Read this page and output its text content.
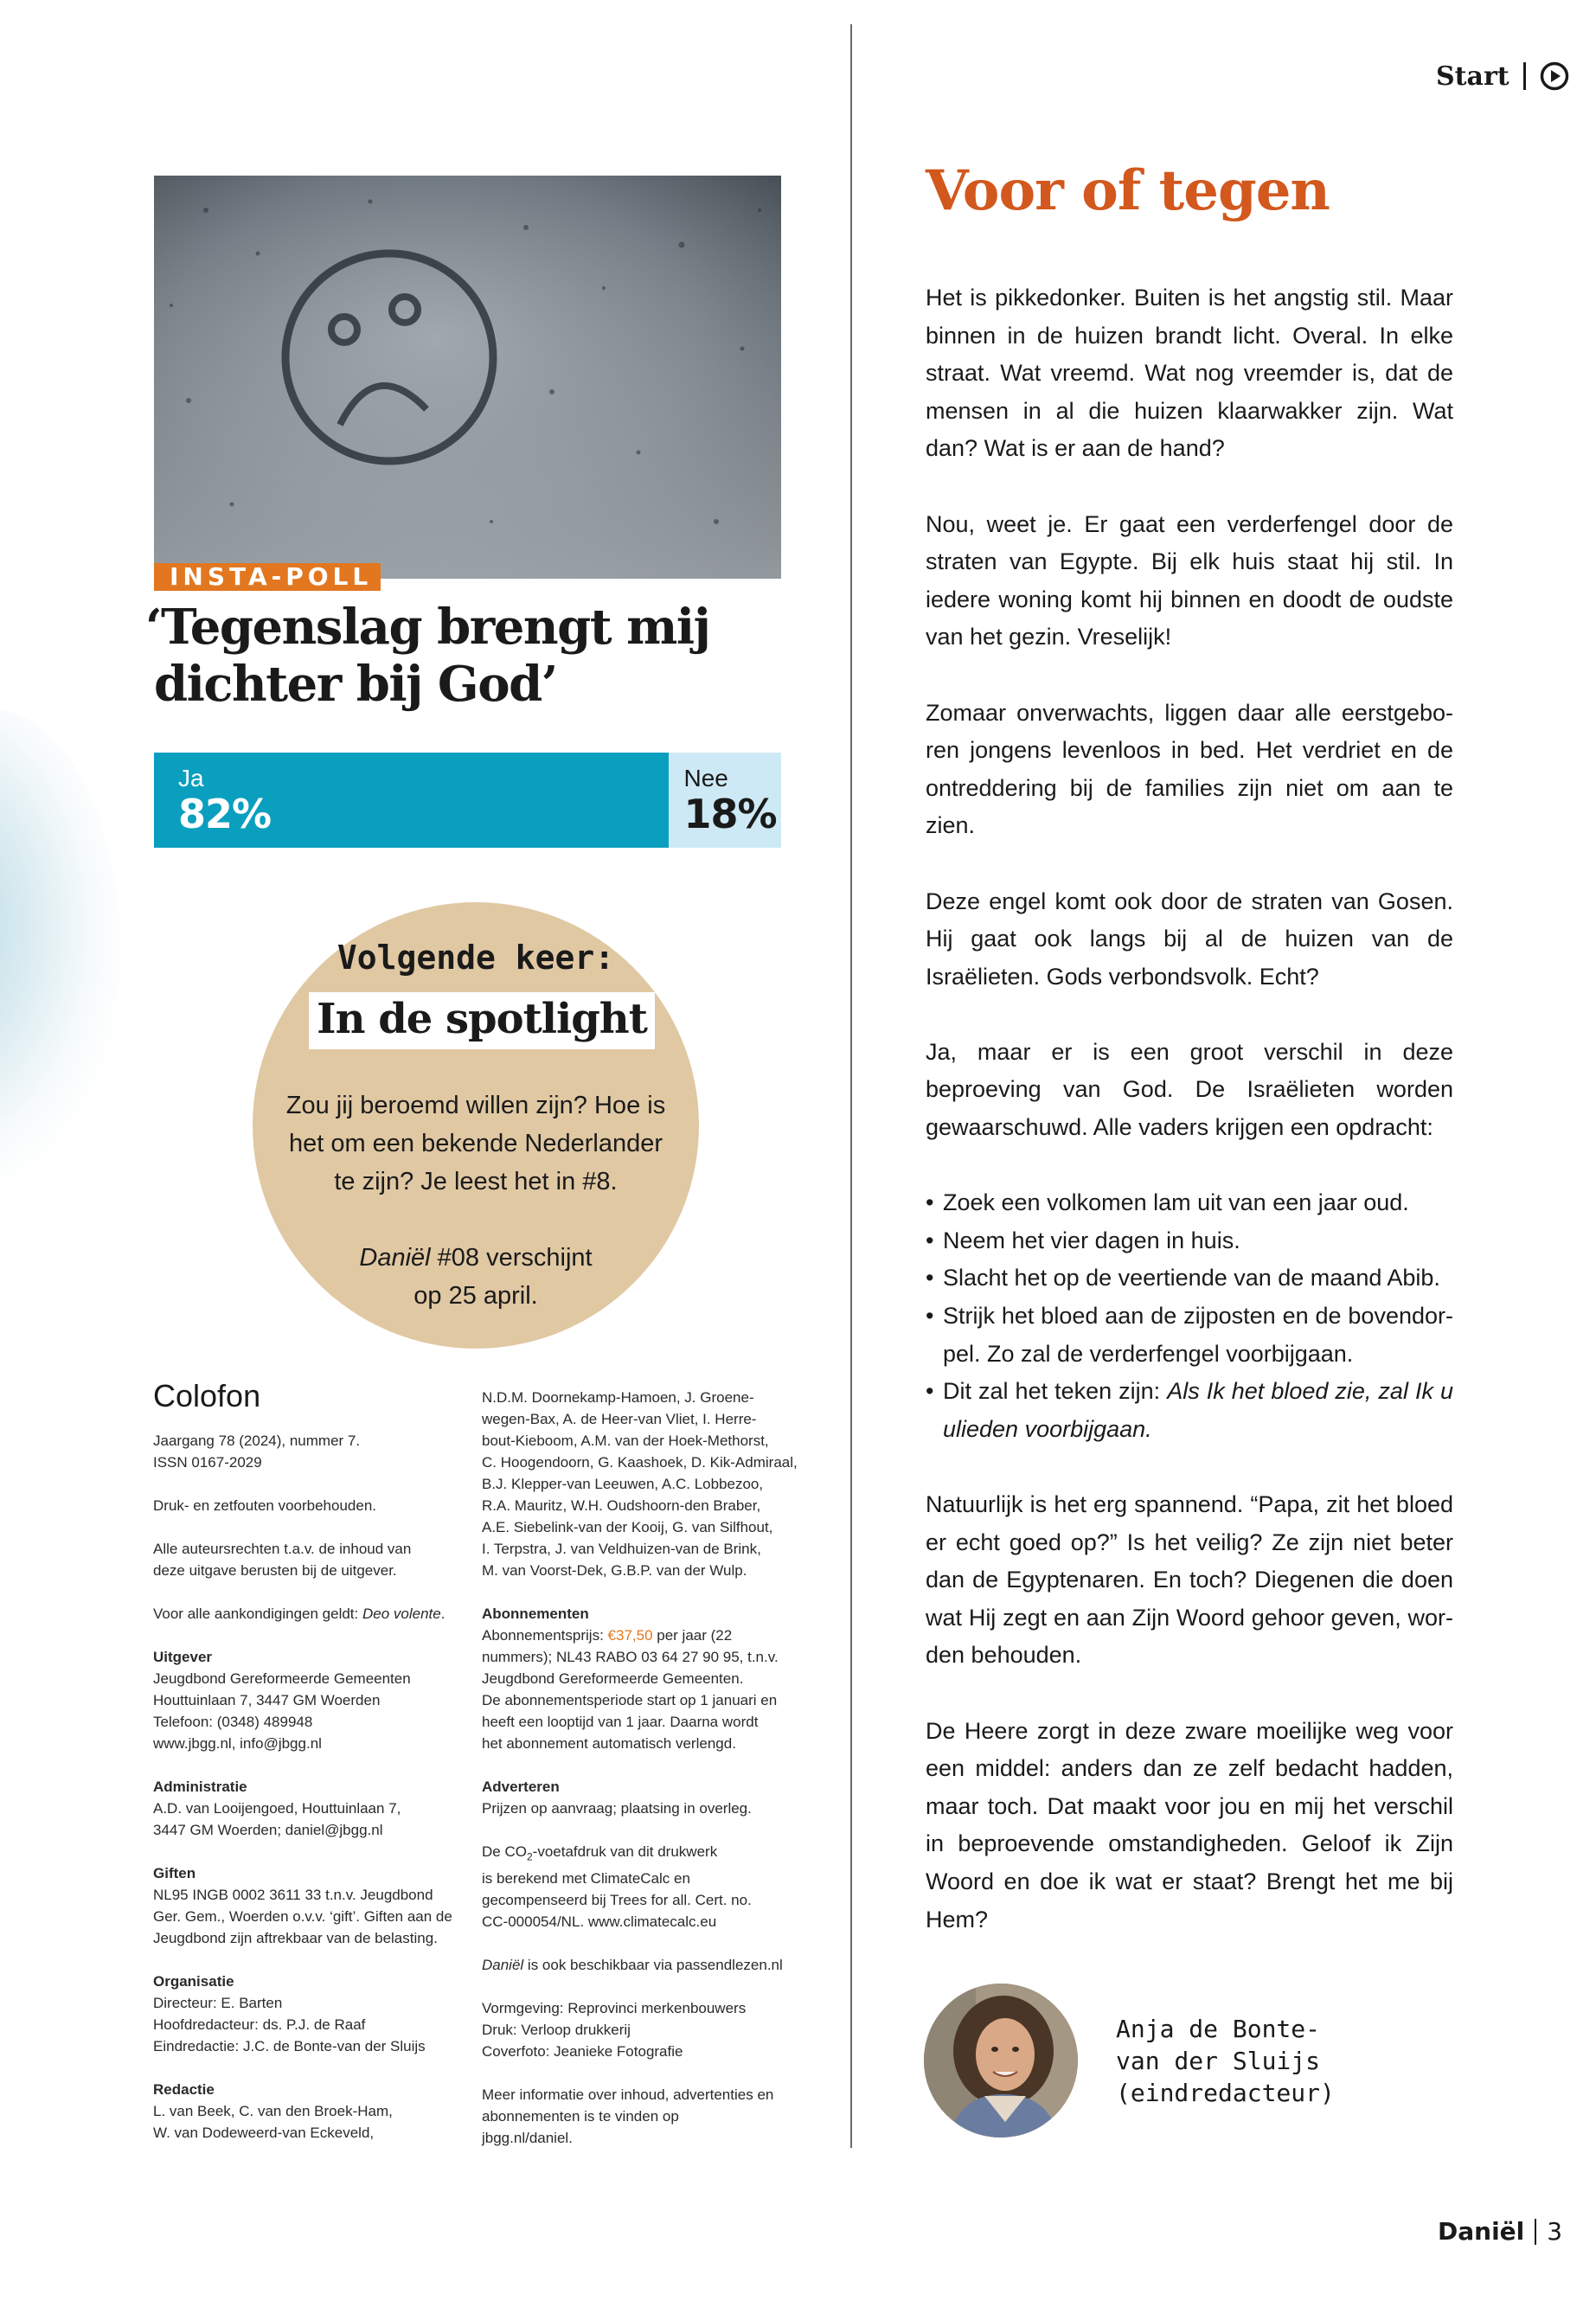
Start
INSTA-POLL
‘Tegenslag brengt mij
dichter bij God’
Ja
82%
Nee
18%
Volgende keer:
In de spotlight
Zou jij beroemd willen zijn? Hoe is
het om een bekende Nederlander
te zijn? Je leest het in #8.
Daniël #08 verschijnt
op 25 april.
Colofon

Jaargang 78 (2024), nummer 7.
ISSN 0167-2029

Druk- en zetfouten voorbehouden.

Alle auteursrechten t.a.v. de inhoud van
deze uitgave berusten bij de uitgever.

Voor alle aankondigingen geldt: Deo volente.

Uitgever
Jeugdbond Gereformeerde Gemeenten
Houttuinlaan 7, 3447 GM Woerden
Telefoon: (0348) 489948
www.jbgg.nl, info@jbgg.nl

Administratie
A.D. van Looijengoed, Houttuinlaan 7,
3447 GM Woerden; daniel@jbgg.nl

Giften
NL95 INGB 0002 3611 33 t.n.v. Jeugdbond
Ger. Gem., Woerden o.v.v. ‘gift’. Giften aan de
Jeugdbond zijn aftrekbaar van de belasting.

Organisatie
Directeur: E. Barten
Hoofdredacteur: ds. P.J. de Raaf
Eindredactie: J.C. de Bonte-van der Sluijs

Redactie
L. van Beek, C. van den Broek-Ham,
W. van Dodeweerd-van Eckeveld,

N.D.M. Doornekamp-Hamoen, J. Groene-
wegen-Bax, A. de Heer-van Vliet, I. Herre-
bout-Kieboom, A.M. van der Hoek-Methorst,
C. Hoogendoorn, G. Kaashoek, D. Kik-Admiraal,
B.J. Klepper-van Leeuwen, A.C. Lobbezoo,
R.A. Mauritz, W.H. Oudshoorn-den Braber,
A.E. Siebelink-van der Kooij, G. van Silfhout,
I. Terpstra, J. van Veldhuizen-van de Brink,
M. van Voorst-Dek, G.B.P. van der Wulp.

Abonnementen
Abonnementsprijs: €37,50 per jaar (22
nummers); NL43 RABO 03 64 27 90 95, t.n.v.
Jeugdbond Gereformeerde Gemeenten.
De abonnementsperiode start op 1 januari en
heeft een looptijd van 1 jaar. Daarna wordt
het abonnement automatisch verlengd.

Adverteren
Prijzen op aanvraag; plaatsing in overleg.

De $CO_2$-voetafdruk van dit drukwerk
is berekend met ClimateCalc en
gecompenseerd bij Trees for all. Cert. no.
CC-000054/NL. www.climatecalc.eu

Daniël is ook beschikbaar via passendlezen.nl

Vormgeving: Reprovinci merkenbouwers
Druk: Verloop drukkerij
Coverfoto: Jeanieke Fotografie

Meer informatie over inhoud, advertenties en
abonnementen is te vinden op
jbgg.nl/daniel.

Voor of tegen

Het is pikkedonker. Buiten is het angstig stil. Maar binnen in de huizen brandt licht. Overal. In elke straat. Wat vreemd. Wat nog vreemder is, dat de mensen in al die huizen klaarwakker zijn. Wat dan? Wat is er aan de hand?

Nou, weet je. Er gaat een verderfengel door de straten van Egypte. Bij elk huis staat hij stil. In iedere woning komt hij binnen en doodt de oudste van het gezin. Vreselijk!

Zomaar onverwachts, liggen daar alle eerstgeboren jongens levenloos in bed. Het verdriet en de ontreddering bij de families zijn niet om aan te zien.

Deze engel komt ook door de straten van Gosen. Hij gaat ook langs bij al de huizen van de Israëlieten. Gods verbondsvolk. Echt?

Ja, maar er is een groot verschil in deze beproeving van God. De Israëlieten worden gewaarschuwd. Alle vaders krijgen een opdracht:

• Zoek een volkomen lam uit van een jaar oud.
• Neem het vier dagen in huis.
• Slacht het op de veertiende van de maand Abib.
• Strijk het bloed aan de zijposten en de bovendorpel. Zo zal de verderfengel voorbijgaan.
• Dit zal het teken zijn: Als Ik het bloed zie, zal Ik u ulieden voorbijgaan.

Natuurlijk is het erg spannend. “Papa, zit het bloed er echt goed op?” Is het veilig? Ze zijn niet beter dan de Egyptenaren. En toch? Diegenen die doen wat Hij zegt en aan Zijn Woord gehoor geven, worden behouden.

De Heere zorgt in deze zware moeilijke weg voor een middel: anders dan ze zelf bedacht hadden, maar toch. Dat maakt voor jou en mij het verschil in beproevende omstandigheden. Geloof ik Zijn Woord en doe ik wat er staat? Brengt het me bij Hem?

Anja de Bonte-
van der Sluijs
(eindredacteur)
Daniël 3
